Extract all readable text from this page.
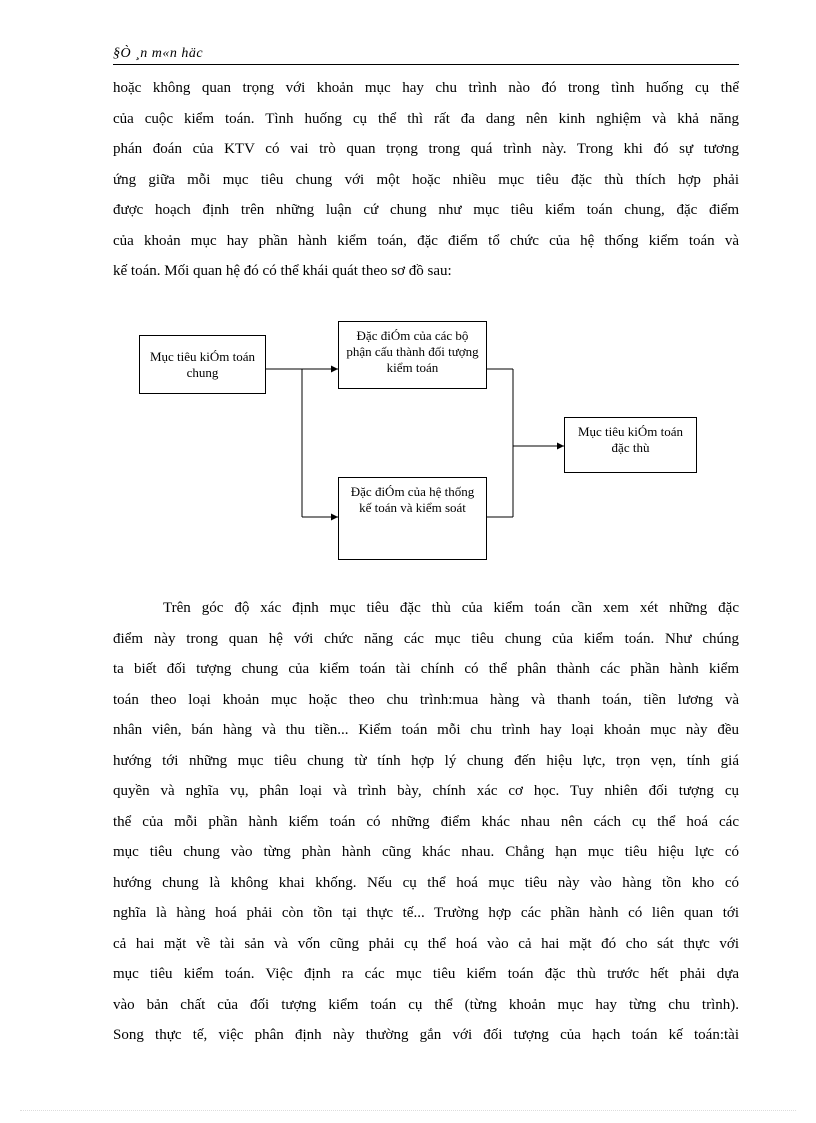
§Ò ¸n m«n häc
hoặc không quan trọng với khoản mục hay chu trình nào đó trong tình huống cụ thể
của cuộc kiểm toán. Tình huống cụ thể thì rất đa dang nên kinh nghiệm và khả năng
phán đoán của KTV có vai trò quan trọng trong quá trình này. Trong khi đó sự tương
ứng giữa mỗi mục tiêu chung với một hoặc nhiều mục tiêu đặc thù thích hợp phải
được hoạch định trên những luận cứ chung như mục tiêu kiểm toán chung, đặc điểm
của khoản mục hay phần hành kiểm toán, đặc điểm tổ chức của hệ thống kiểm toán và
kế toán. Mối quan hệ đó có thể khái quát theo sơ đồ sau:
Mục tiêu kiÓm toán chung
Đặc điÓm của các bộ phận cấu thành đối tượng kiểm toán
Đặc điÓm của hệ thống kế toán và kiểm soát
Mục tiêu kiÓm toán đặc thù
Trên góc độ xác định mục tiêu đặc thù của kiểm toán cần xem xét những đặc
điểm này trong quan hệ với chức năng các mục tiêu chung của kiểm toán. Như chúng
ta biết đối tượng chung của kiểm toán tài chính có thể phân thành các phần hành kiểm
toán theo loại khoản mục hoặc theo chu trình:mua hàng và thanh toán, tiền lương và
nhân viên, bán hàng và thu tiền... Kiểm toán mỗi chu trình hay loại khoản mục này đều
hướng tới những mục tiêu chung từ tính hợp lý chung đến hiệu lực, trọn vẹn, tính giá
quyền và nghĩa vụ, phân loại và trình bày, chính xác cơ học. Tuy nhiên đối tượng cụ
thể của mỗi phần hành kiểm toán có những điểm khác nhau nên cách cụ thể hoá các
mục tiêu chung vào từng phàn hành cũng khác nhau. Chẳng hạn mục tiêu hiệu lực có
hướng chung là không khai khống. Nếu cụ thể hoá mục tiêu này vào hàng tồn kho có
nghĩa là hàng hoá phải còn tồn tại thực tế... Trường hợp các phần hành có liên quan tới
cả hai mặt về tài sản và vốn cũng phải cụ thể hoá vào cả hai mặt đó cho sát thực với
mục tiêu kiểm toán. Việc định ra các mục tiêu kiểm toán đặc thù trước hết phải dựa
vào bản chất của đối tượng kiểm toán cụ thể (từng khoản mục hay từng chu trình).
Song thực tế, việc phân định này thường gắn với đối tượng của hạch toán kế toán:tài
